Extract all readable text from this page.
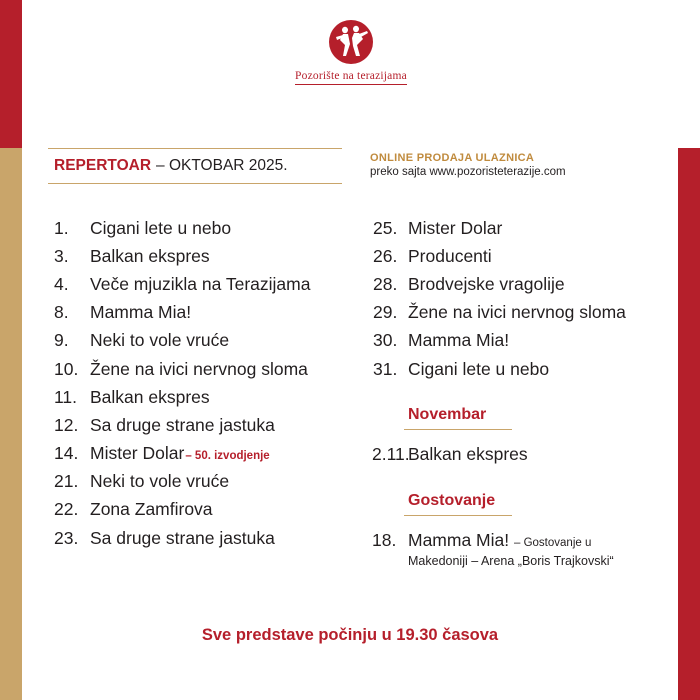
Pozorište na terazijama
REPERTOAR – OKTOBAR 2025.	ONLINE PRODAJA ULAZNICA
preko sajta www.pozoristeterazije.com
1.	Cigani lete u nebo
3.	Balkan ekspres
4.	Veče mjuzikla na Terazijama
8.	Mamma Mia!
9.	Neki to vole vruće
10. Žene na ivici nervnog sloma
11. Balkan ekspres
12. Sa druge strane jastuka
14. Mister Dolar – 50. izvodjenje
21. Neki to vole vruće
22. Zona Zamfirova
23. Sa druge strane jastuka
25. Mister Dolar
26. Producenti
28. Brodvejske vragolije
29. Žene na ivici nervnog sloma
30. Mamma Mia!
31. Cigani lete u nebo
Novembar
2.11.Balkan ekspres
Gostovanje
18. Mamma Mia! – Gostovanje u
Makedoniji – Arena „Boris Trajkovski“
Sve predstave počinju u 19.30 časova
